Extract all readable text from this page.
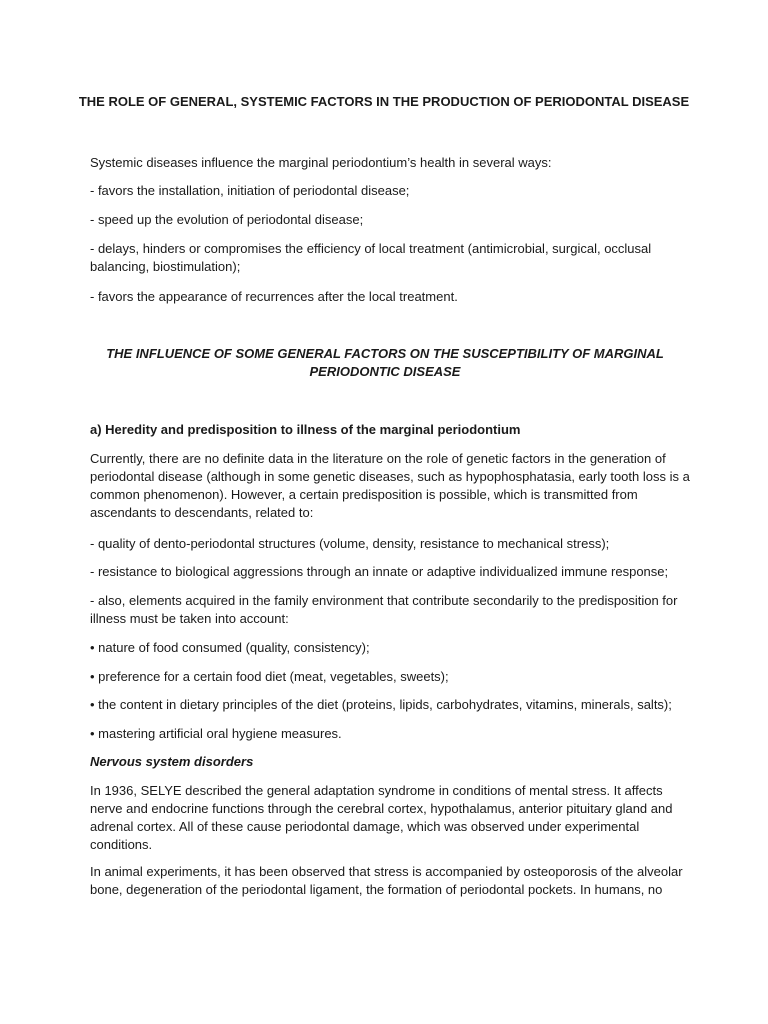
THE ROLE OF GENERAL, SYSTEMIC FACTORS IN THE PRODUCTION OF PERIODONTAL DISEASE
Systemic diseases influence the marginal periodontium’s health in several ways:
- favors the installation, initiation of periodontal disease;
- speed up the evolution of periodontal disease;
- delays, hinders or compromises the efficiency of local treatment (antimicrobial, surgical, occlusal balancing, biostimulation);
- favors the appearance of recurrences after the local treatment.
THE INFLUENCE OF SOME GENERAL FACTORS ON THE SUSCEPTIBILITY OF MARGINAL PERIODONTIC DISEASE
a) Heredity and predisposition to illness of the marginal periodontium
Currently, there are no definite data in the literature on the role of genetic factors in the generation of periodontal disease (although in some genetic diseases, such as hypophosphatasia, early tooth loss is a common phenomenon). However, a certain predisposition is possible, which is transmitted from ascendants to descendants, related to:
- quality of dento-periodontal structures (volume, density, resistance to mechanical stress);
- resistance to biological aggressions through an innate or adaptive individualized immune response;
- also, elements acquired in the family environment that contribute secondarily to the predisposition for illness must be taken into account:
• nature of food consumed (quality, consistency);
• preference for a certain food diet (meat, vegetables, sweets);
• the content in dietary principles of the diet (proteins, lipids, carbohydrates, vitamins, minerals, salts);
• mastering artificial oral hygiene measures.
Nervous system disorders
In 1936, SELYE described the general adaptation syndrome in conditions of mental stress. It affects nerve and endocrine functions through the cerebral cortex, hypothalamus, anterior pituitary gland and adrenal cortex. All of these cause periodontal damage, which was observed under experimental conditions.
In animal experiments, it has been observed that stress is accompanied by osteoporosis of the alveolar bone, degeneration of the periodontal ligament, the formation of periodontal pockets. In humans, no
